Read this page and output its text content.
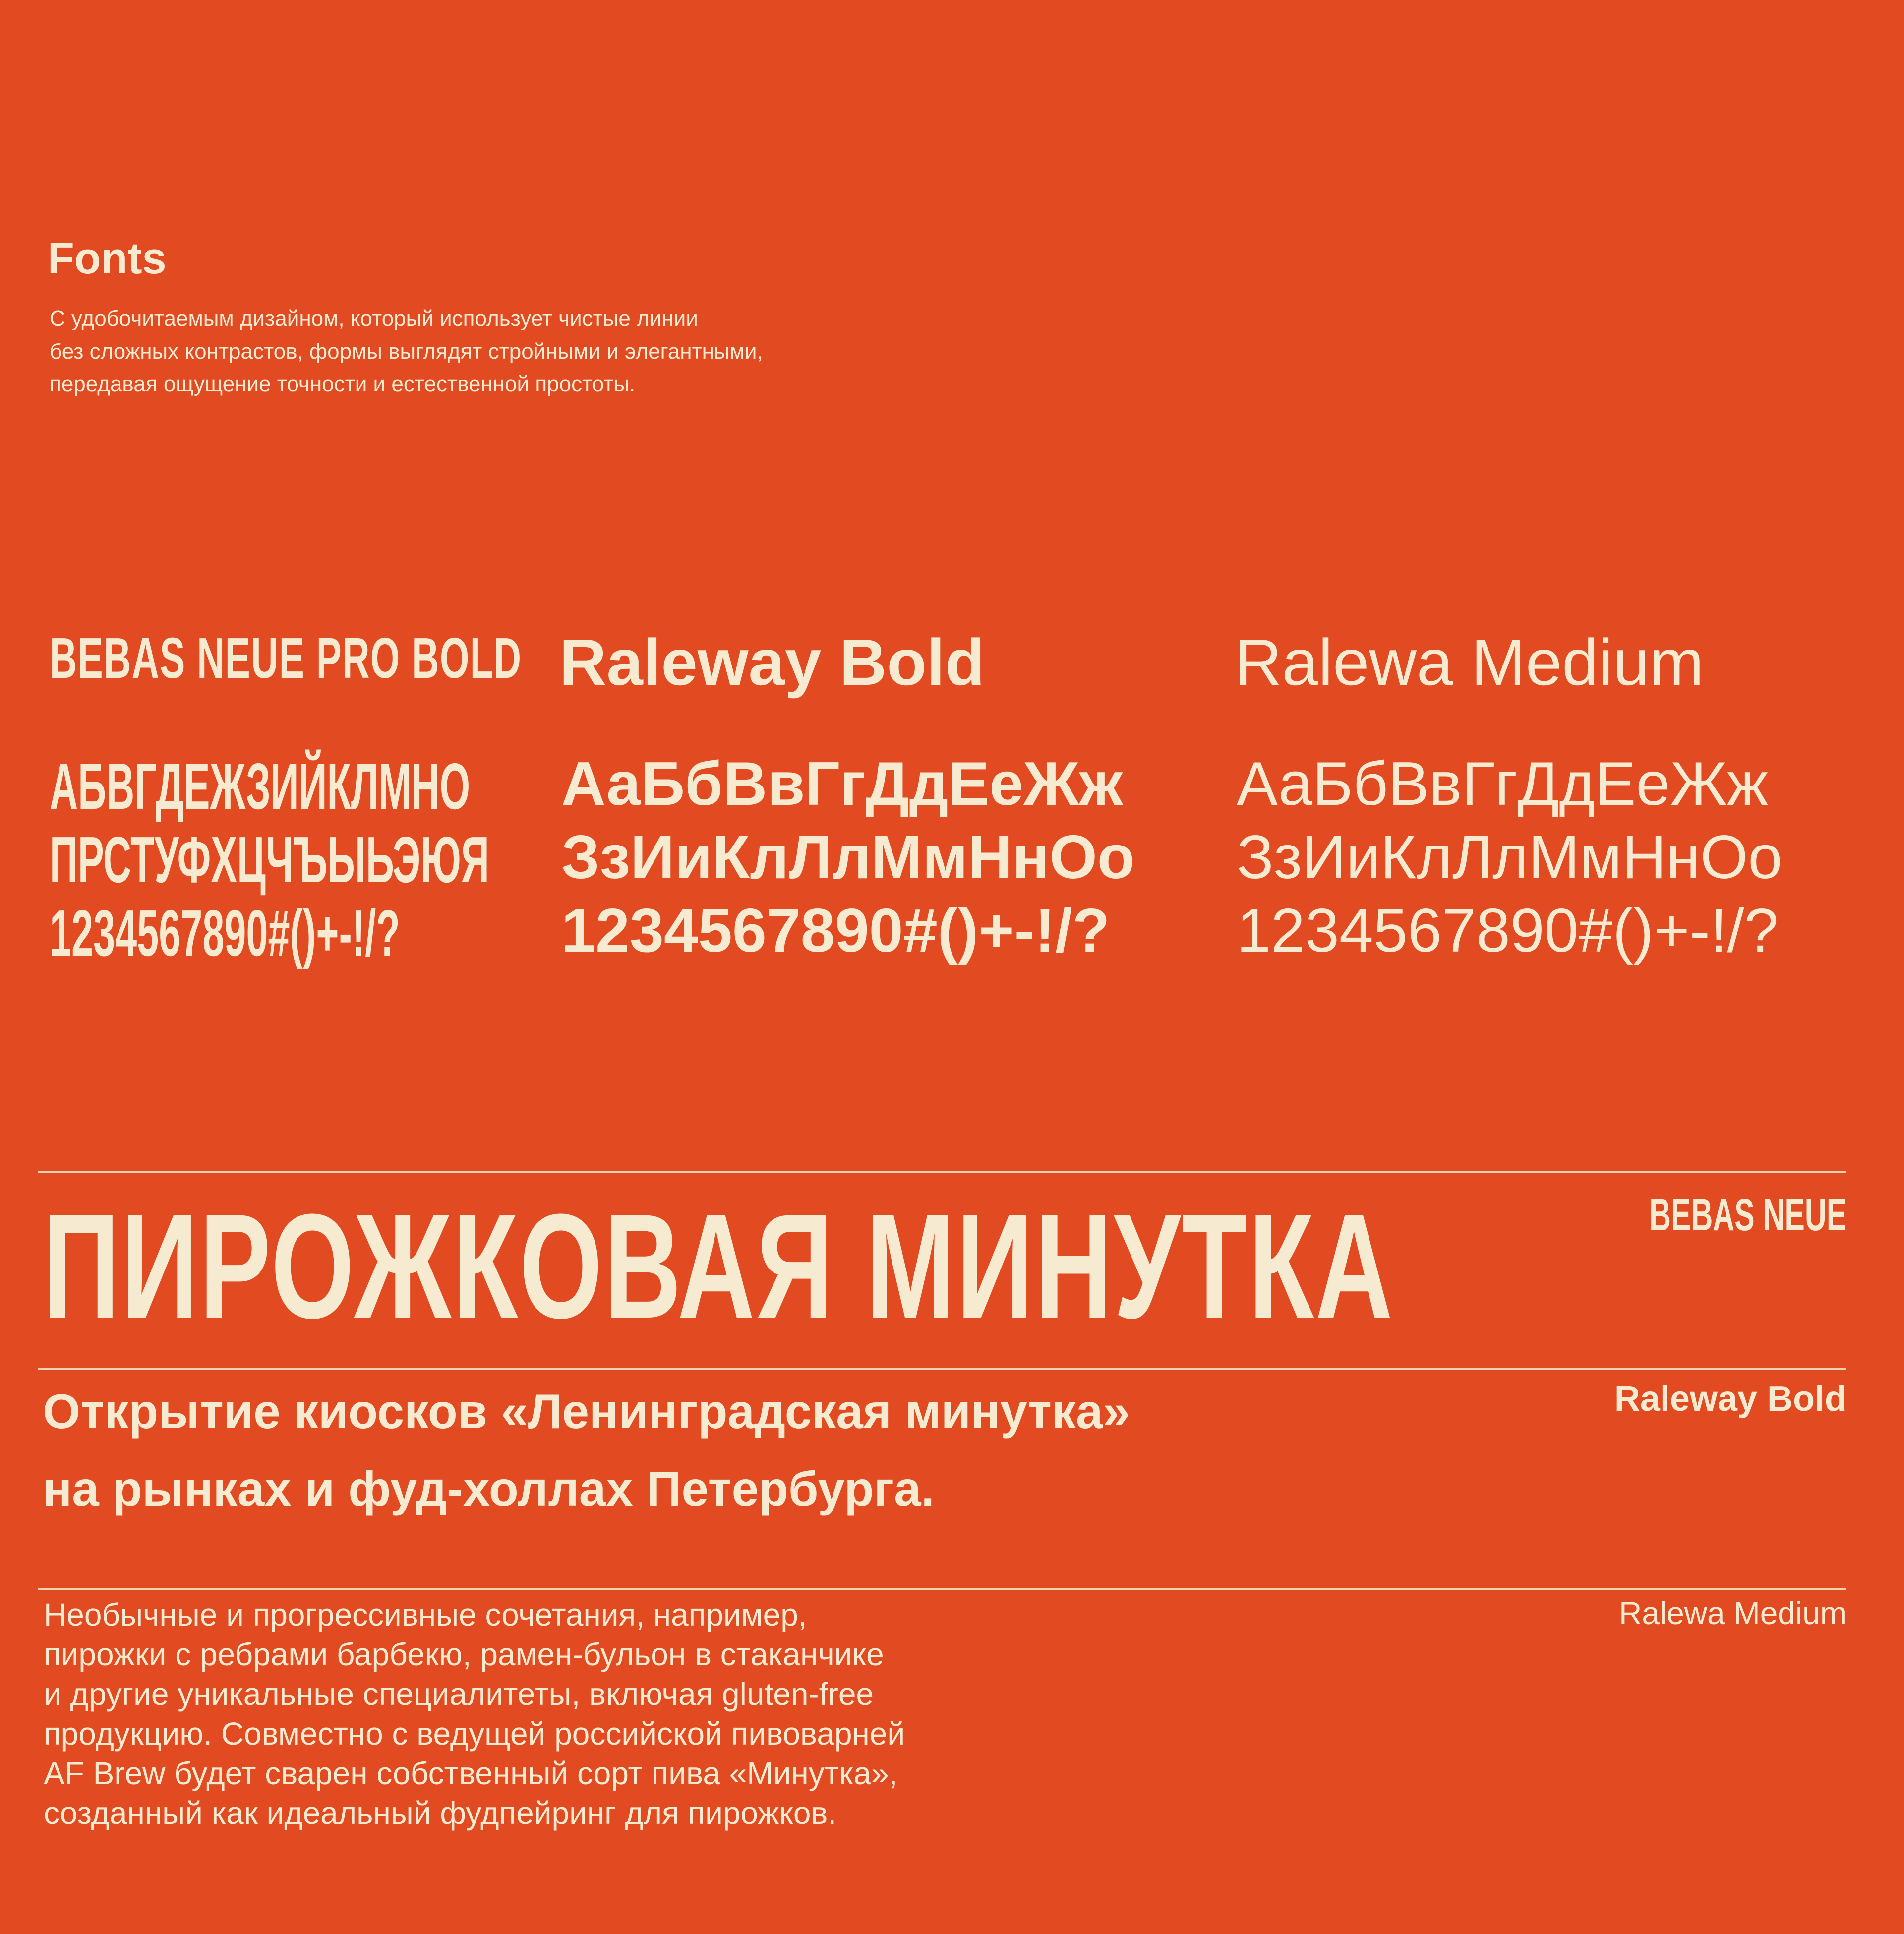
Fonts
С удобочитаемым дизайном, который использует чистые линии
без сложных контрастов, формы выглядят стройными и элегантными,
передавая ощущение точности и естественной простоты.
BEBAS NEUE PRO BOLD Raleway Bold	Ralewa Medium
АБВГДЕЖЗИЙКЛМНО
ПРСТУФХЦЧЪЫЬЭЮЯ
1234567890#()+-!/?
АаБбВвГгДдЕеЖж
ЗзИиКлЛлМмНнОо
1234567890#()+-!/?
АаБбВвГгДдЕеЖж
ЗзИиКлЛлМмНнОо
1234567890#()+-!/?
ПИРОЖКОВАЯ МИНУТКА	BEBAS NEUE
Открытие киосков «Ленинградская минутка»
на рынках и фуд-холлах Петербурга.
Raleway Bold
Необычные и прогрессивные сочетания, например,
пирожки с ребрами барбекю, рамен-бульон в стаканчике
и другие уникальные специалитеты, включая gluten-free
продукцию. Совместно с ведущей российской пивоварней
AF Brew будет сварен собственный сорт пива «Минутка»,
созданный как идеальный фудпейринг для пирожков.
Ralewa Medium
